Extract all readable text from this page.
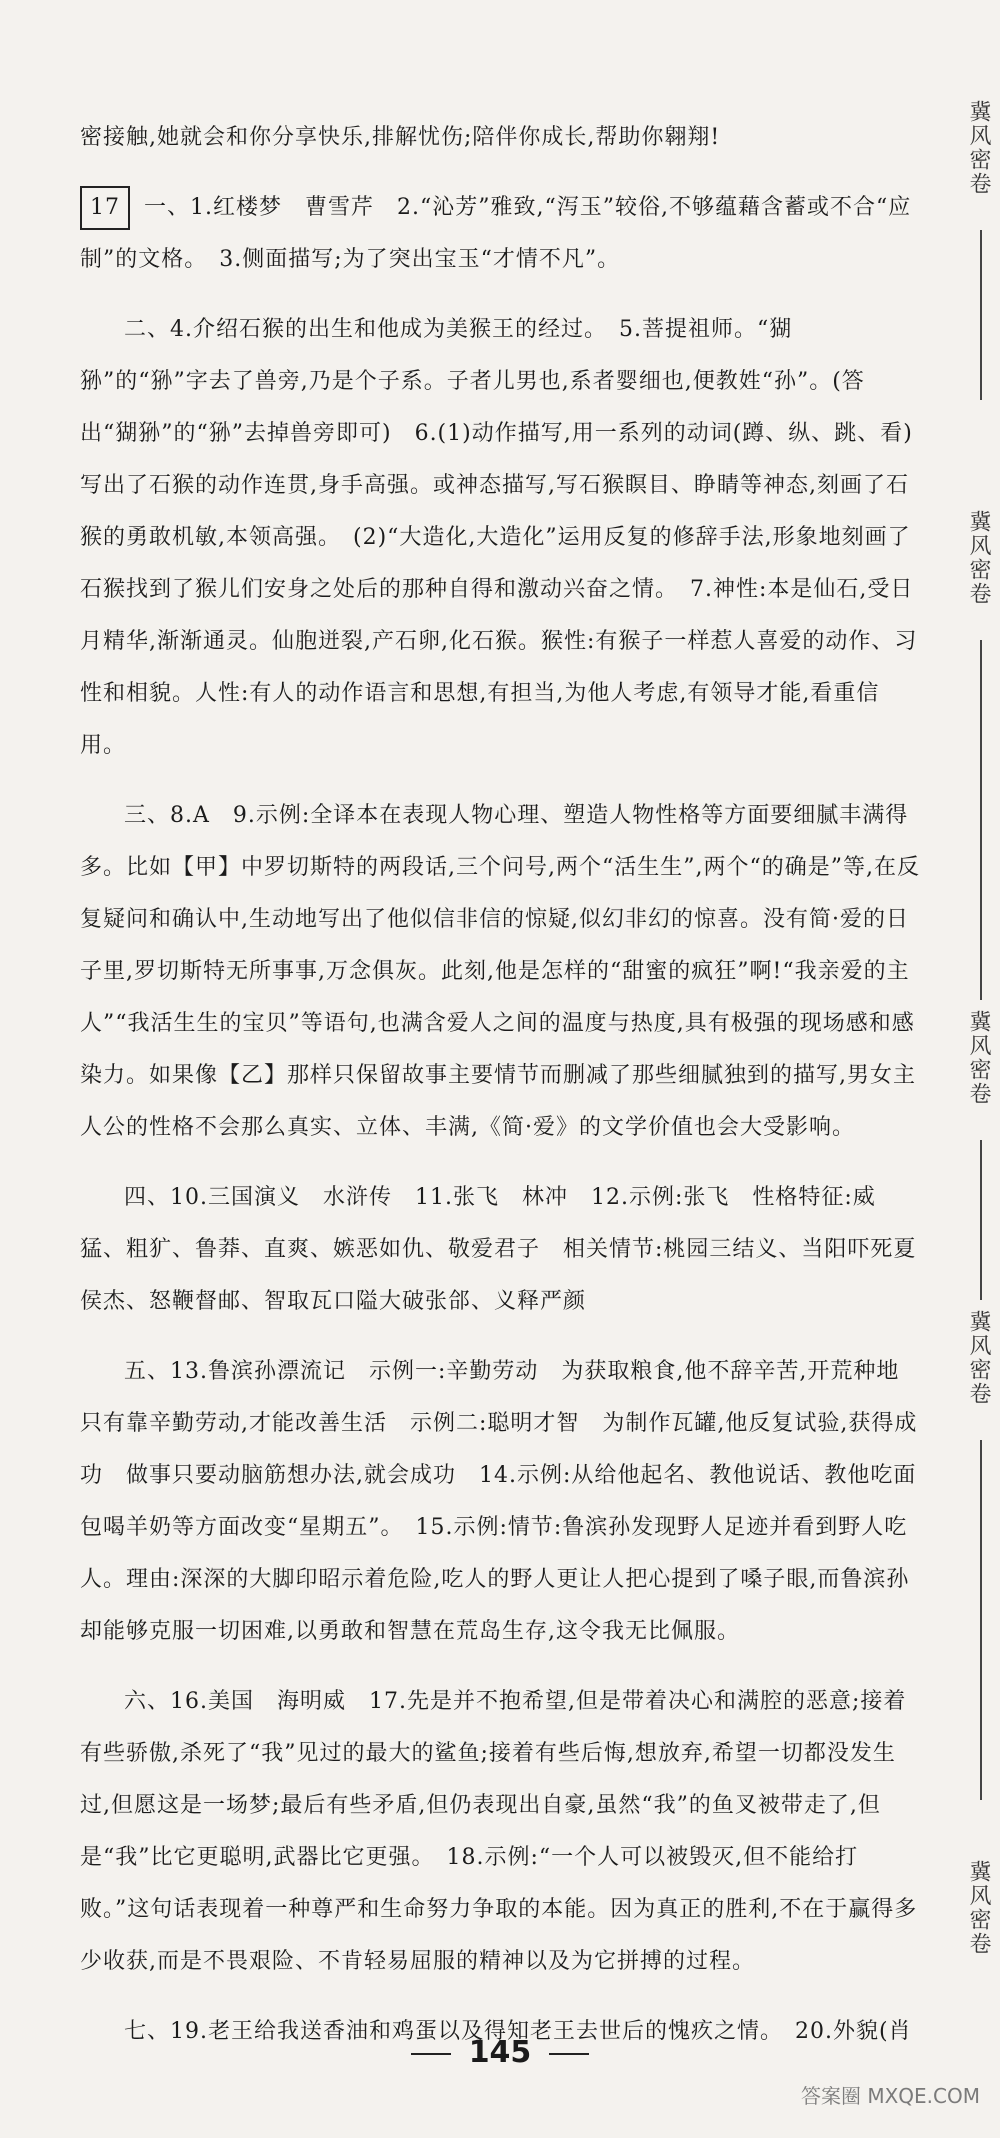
密接触,她就会和你分享快乐,排解忧伤;陪伴你成长,帮助你翱翔!

17 一、1.红楼梦　曹雪芹　2.“沁芳”雅致,“泻玉”较俗,不够蕴藉含蓄或不合“应制”的文格。　3.侧面描写;为了突出宝玉“才情不凡”。

二、4.介绍石猴的出生和他成为美猴王的经过。　5.菩提祖师。“猢狲”的“狲”字去了兽旁,乃是个子系。子者儿男也,系者婴细也,便教姓“孙”。(答出“猢狲”的“狲”去掉兽旁即可)　6.(1)动作描写,用一系列的动词(蹲、纵、跳、看)写出了石猴的动作连贯,身手高强。或神态描写,写石猴瞑目、睁睛等神态,刻画了石猴的勇敢机敏,本领高强。　(2)“大造化,大造化”运用反复的修辞手法,形象地刻画了石猴找到了猴儿们安身之处后的那种自得和激动兴奋之情。　7.神性:本是仙石,受日月精华,渐渐通灵。仙胞迸裂,产石卵,化石猴。猴性:有猴子一样惹人喜爱的动作、习性和相貌。人性:有人的动作语言和思想,有担当,为他人考虑,有领导才能,看重信用。

三、8.A　9.示例:全译本在表现人物心理、塑造人物性格等方面要细腻丰满得多。比如【甲】中罗切斯特的两段话,三个问号,两个“活生生”,两个“的确是”等,在反复疑问和确认中,生动地写出了他似信非信的惊疑,似幻非幻的惊喜。没有简·爱的日子里,罗切斯特无所事事,万念俱灰。此刻,他是怎样的“甜蜜的疯狂”啊!“我亲爱的主人”“我活生生的宝贝”等语句,也满含爱人之间的温度与热度,具有极强的现场感和感染力。如果像【乙】那样只保留故事主要情节而删减了那些细腻独到的描写,男女主人公的性格不会那么真实、立体、丰满,《简·爱》的文学价值也会大受影响。

四、10.三国演义　水浒传　11.张飞　林冲　12.示例:张飞　性格特征:威猛、粗犷、鲁莽、直爽、嫉恶如仇、敬爱君子　相关情节:桃园三结义、当阳吓死夏侯杰、怒鞭督邮、智取瓦口隘大破张郃、义释严颜

五、13.鲁滨孙漂流记　示例一:辛勤劳动　为获取粮食,他不辞辛苦,开荒种地

只有靠辛勤劳动,才能改善生活　示例二:聪明才智　为制作瓦罐,他反复试验,获得成功　做事只要动脑筋想办法,就会成功　14.示例:从给他起名、教他说话、教他吃面包喝羊奶等方面改变“星期五”。　15.示例:情节:鲁滨孙发现野人足迹并看到野人吃人。理由:深深的大脚印昭示着危险,吃人的野人更让人把心提到了嗓子眼,而鲁滨孙却能够克服一切困难,以勇敢和智慧在荒岛生存,这令我无比佩服。

六、16.美国　海明威　17.先是并不抱希望,但是带着决心和满腔的恶意;接着有些骄傲,杀死了“我”见过的最大的鲨鱼;接着有些后悔,想放弃,希望一切都没发生过,但愿这是一场梦;最后有些矛盾,但仍表现出自豪,虽然“我”的鱼叉被带走了,但是“我”比它更聪明,武器比它更强。　18.示例:“一个人可以被毁灭,但不能给打败。”这句话表现着一种尊严和生命努力争取的本能。因为真正的胜利,不在于赢得多少收获,而是不畏艰险、不肯轻易屈服的精神以及为它拼搏的过程。

七、19.老王给我送香油和鸡蛋以及得知老王去世后的愧疚之情。　20.外貌(肖

冀风密卷
冀风密卷
冀风密卷
冀风密卷
冀风密卷
145
答案圈 MXQE.COM
